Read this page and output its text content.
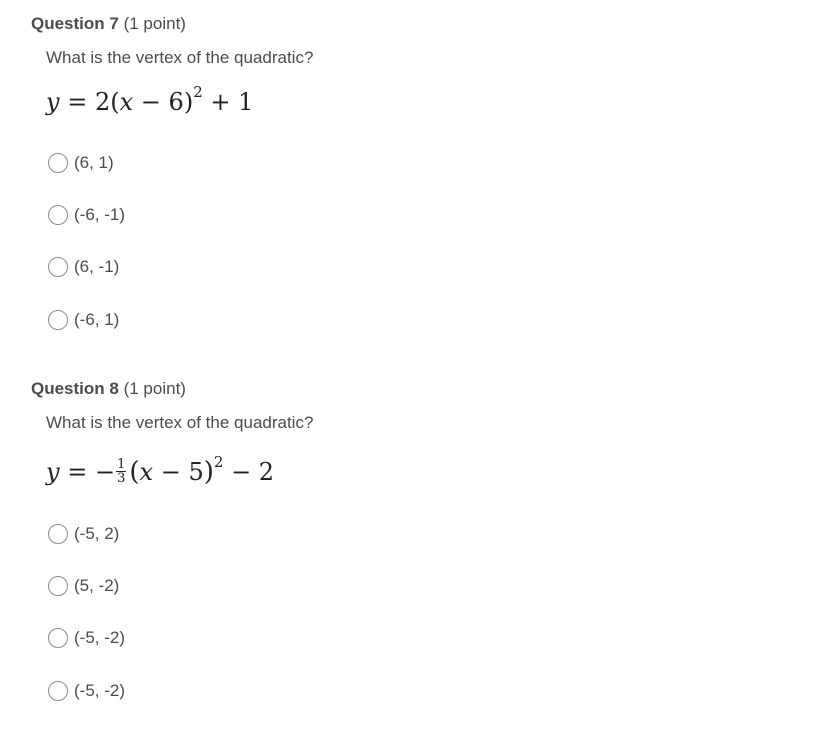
Question 7 (1 point)
What is the vertex of the quadratic?
$y = 2(x - 6)^2 + 1$
(6, 1)
(-6, -1)
(6, -1)
(-6, 1)
Question 8 (1 point)
What is the vertex of the quadratic?
y = − $\frac{1}{3} (x - 5)^2 - 2$
(-5, 2)
(5, -2)
(-5, -2)
(-5, -2)
